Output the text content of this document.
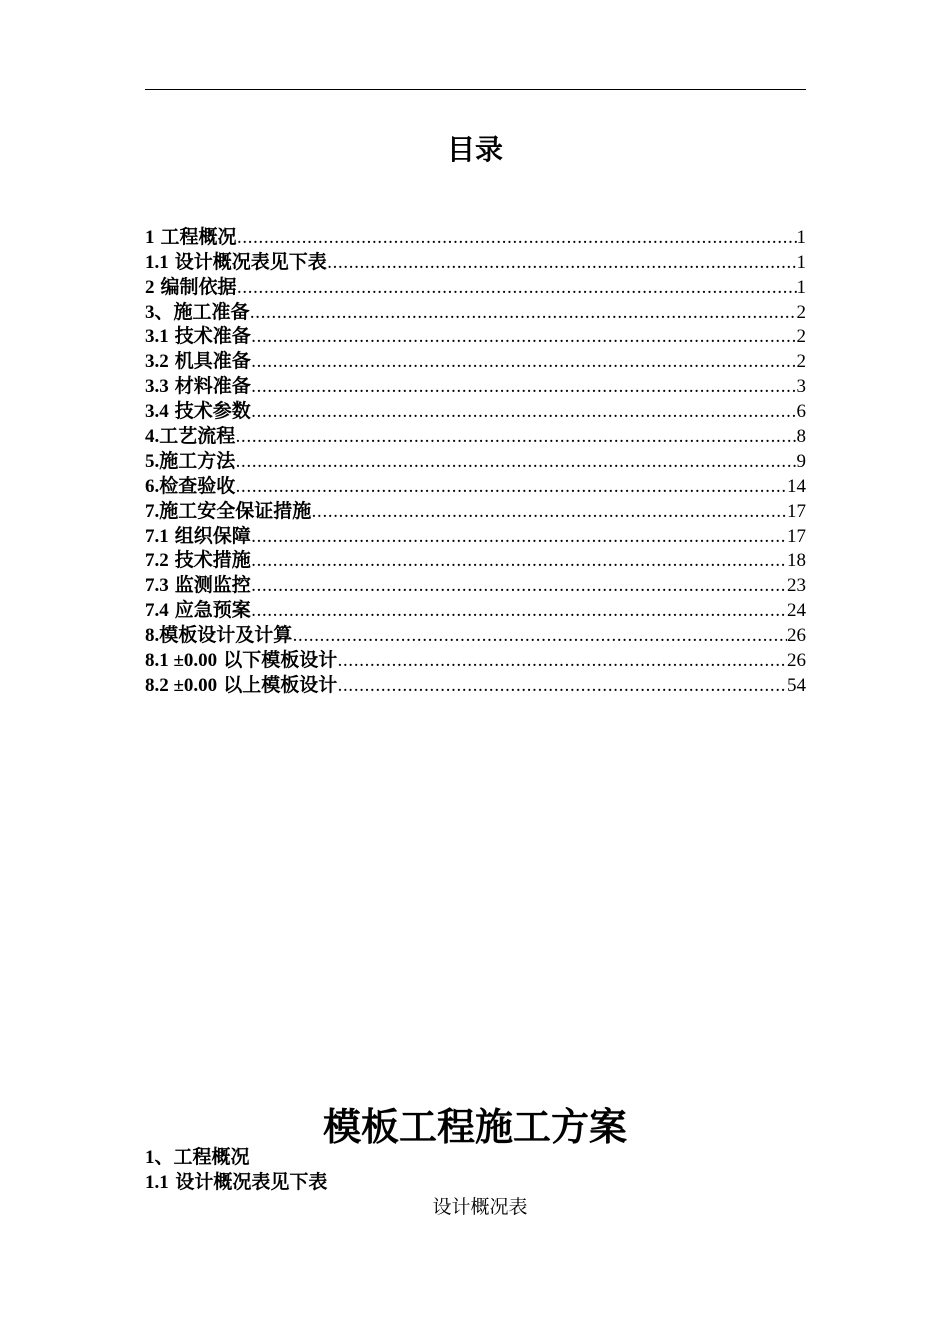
目录
1 工程概况 .....	1
1.1 设计概况表见下表 .....	1
2 编制依据 .....	1
3、施工准备 .....	2
3.1 技术准备 .....	2
3.2 机具准备 .....	2
3.3 材料准备 .....	3
3.4 技术参数 .....	6
4.工艺流程 .....	8
5.施工方法 .....	9
6.检查验收 .....	14
7.施工安全保证措施 .....	17
7.1 组织保障 .....	17
7.2 技术措施 .....	18
7.3 监测监控 .....	23
7.4 应急预案 .....	24
8.模板设计及计算 .....	26
8.1 ±0.00 以下模板设计 .....	26
8.2 ±0.00 以上模板设计 .....	54
模板工程施工方案
1、工程概况
1.1 设计概况表见下表
设计概况表
